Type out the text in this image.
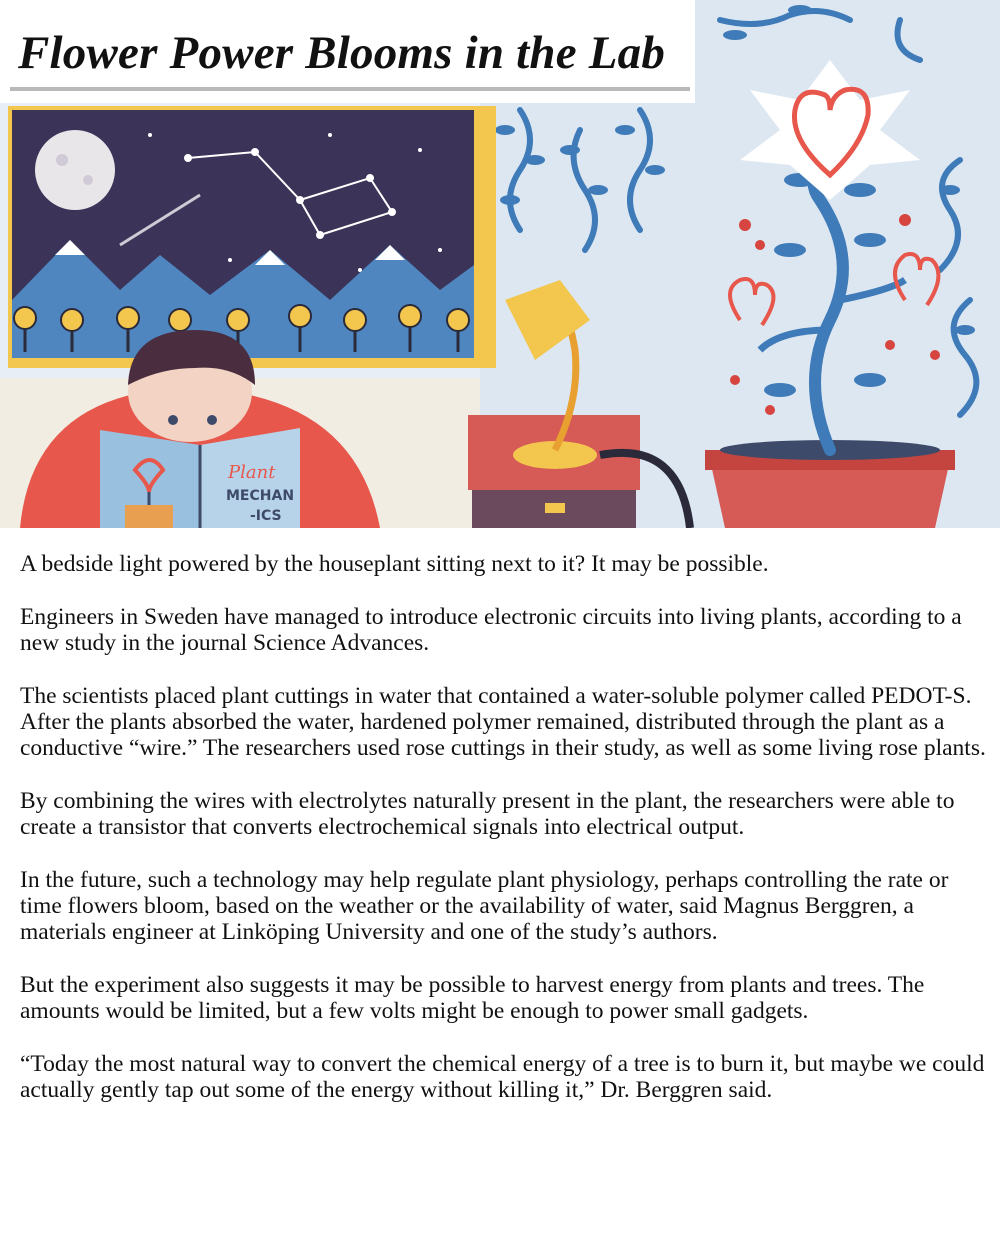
Plant
MECHAN
-ICS
Flower Power Blooms in the Lab

A bedside light powered by the houseplant sitting next to it? It may be possible.

Engineers in Sweden have managed to introduce electronic circuits into living plants, according to a new study in the journal Science Advances.

The scientists placed plant cuttings in water that contained a water-soluble polymer called PEDOT-S. After the plants absorbed the water, hardened polymer remained, distributed through the plant as a conductive “wire.” The researchers used rose cuttings in their study, as well as some living rose plants.

By combining the wires with electrolytes naturally present in the plant, the researchers were able to create a transistor that converts electrochemical signals into electrical output.

In the future, such a technology may help regulate plant physiology, perhaps controlling the rate or time flowers bloom, based on the weather or the availability of water, said Magnus Berggren, a materials engineer at Linköping University and one of the study’s authors.

But the experiment also suggests it may be possible to harvest energy from plants and trees. The amounts would be limited, but a few volts might be enough to power small gadgets.

“Today the most natural way to convert the chemical energy of a tree is to burn it, but maybe we could actually gently tap out some of the energy without killing it,” Dr. Berggren said.
